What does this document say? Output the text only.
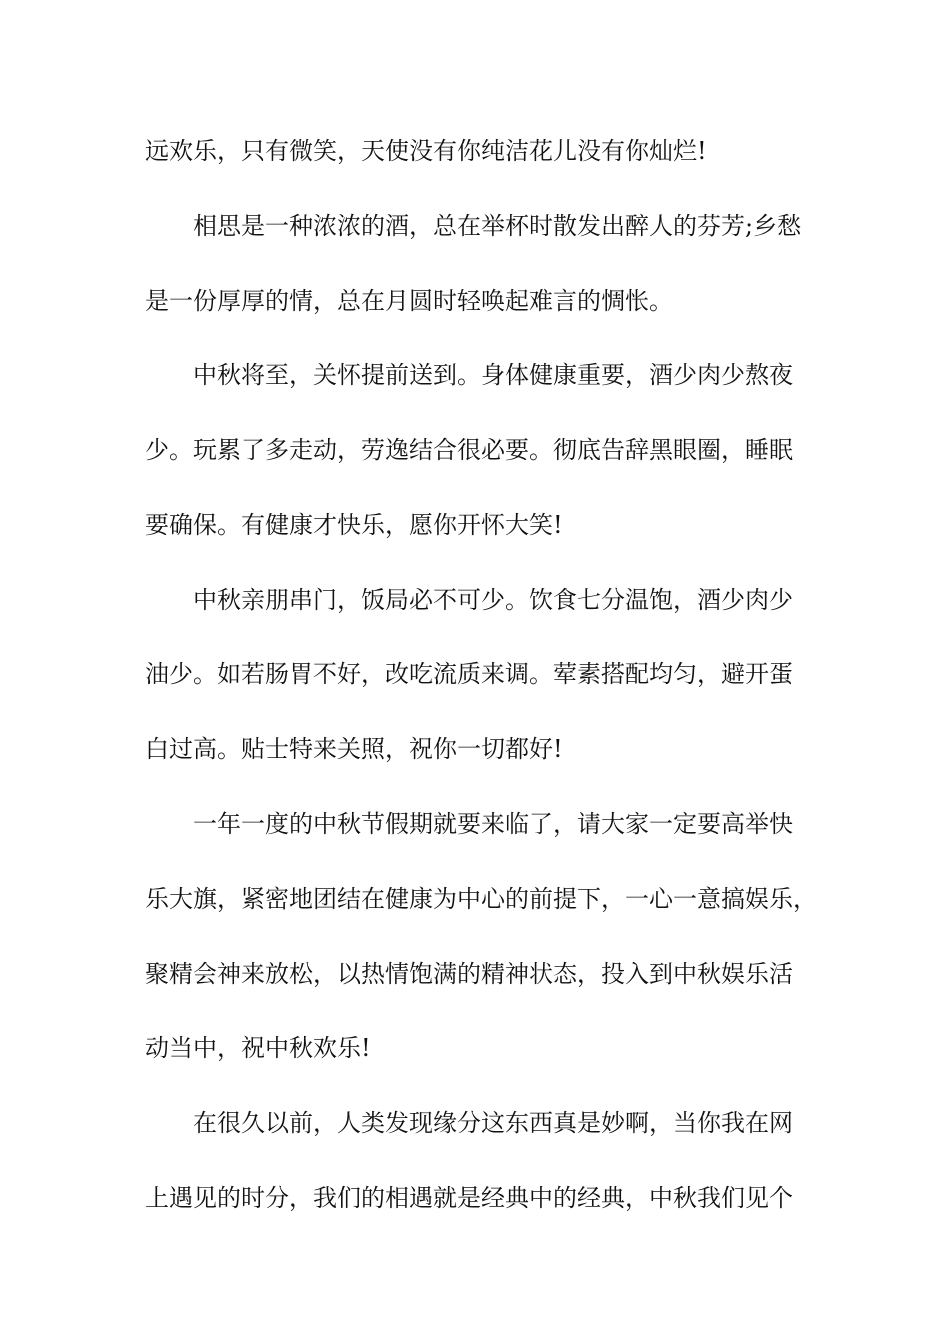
远欢乐，只有微笑，天使没有你纯洁花儿没有你灿烂!
相思是一种浓浓的酒，总在举杯时散发出醉人的芬芳;乡愁
是一份厚厚的情，总在月圆时轻唤起难言的惆怅。
中秋将至，关怀提前送到。身体健康重要，酒少肉少熬夜
少。玩累了多走动，劳逸结合很必要。彻底告辞黑眼圈，睡眠
要确保。有健康才快乐，愿你开怀大笑!
中秋亲朋串门，饭局必不可少。饮食七分温饱，酒少肉少
油少。如若肠胃不好，改吃流质来调。荤素搭配均匀，避开蛋
白过高。贴士特来关照，祝你一切都好!
一年一度的中秋节假期就要来临了，请大家一定要高举快
乐大旗，紧密地团结在健康为中心的前提下，一心一意搞娱乐，
聚精会神来放松，以热情饱满的精神状态，投入到中秋娱乐活
动当中，祝中秋欢乐!
在很久以前，人类发现缘分这东西真是妙啊，当你我在网
上遇见的时分，我们的相遇就是经典中的经典，中秋我们见个
